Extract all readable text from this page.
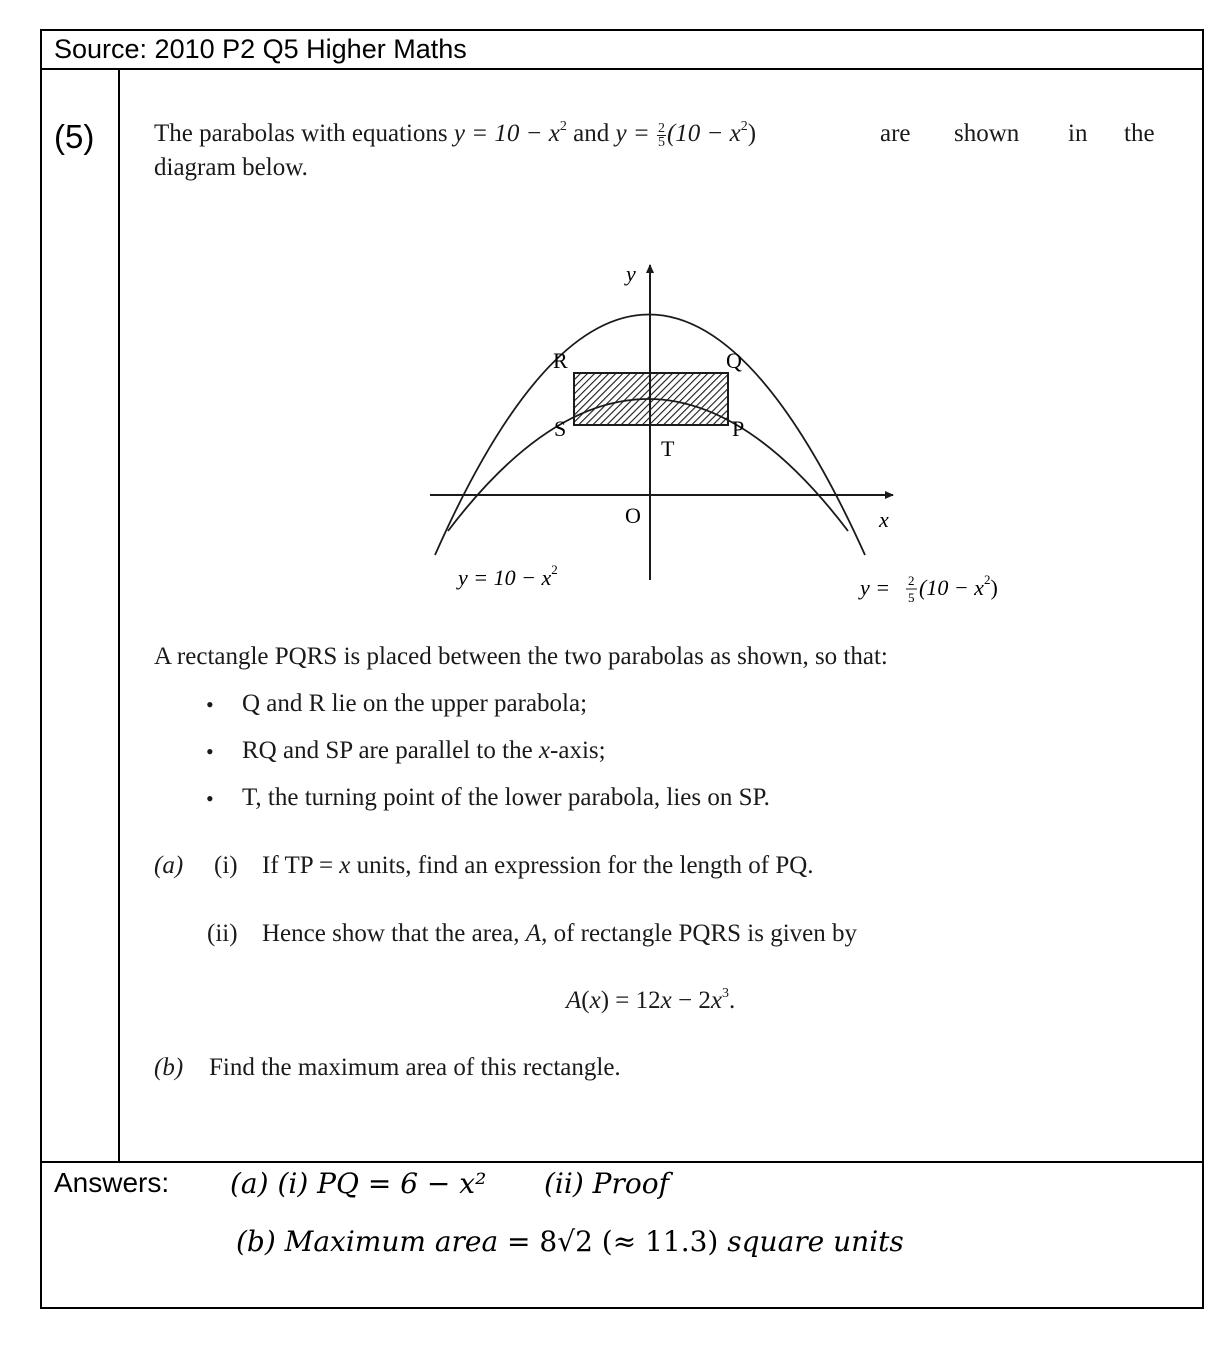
Source: 2010 P2 Q5 Higher Maths
(5) The parabolas with equations $y = 10 - x^2$ and $y = \frac{2}{5} (10 - x^2)$	are shown in the
diagram below.
y
x
O
R	Q
S	P
T
$y = 10 - x^2$
y = 2
5 $(10 - x^2)$
A rectangle PQRS is placed between the two parabolas as shown, so that:
• Q and R lie on the upper parabola;
• RQ and SP are parallel to the x-axis;
• T, the turning point of the lower parabola, lies on SP.
(a) (i) If TP = x units, find an expression for the length of PQ.
(ii) Hence show that the area, A, of rectangle PQRS is given by
$A(x) = 12x - 2x^3$.
(b) Find the maximum area of this rectangle.
Answers: (a) (i) PQ = 6 − x² (ii) Proof
(b) Maximum area = 8√2 (≈ 11.3) square units
